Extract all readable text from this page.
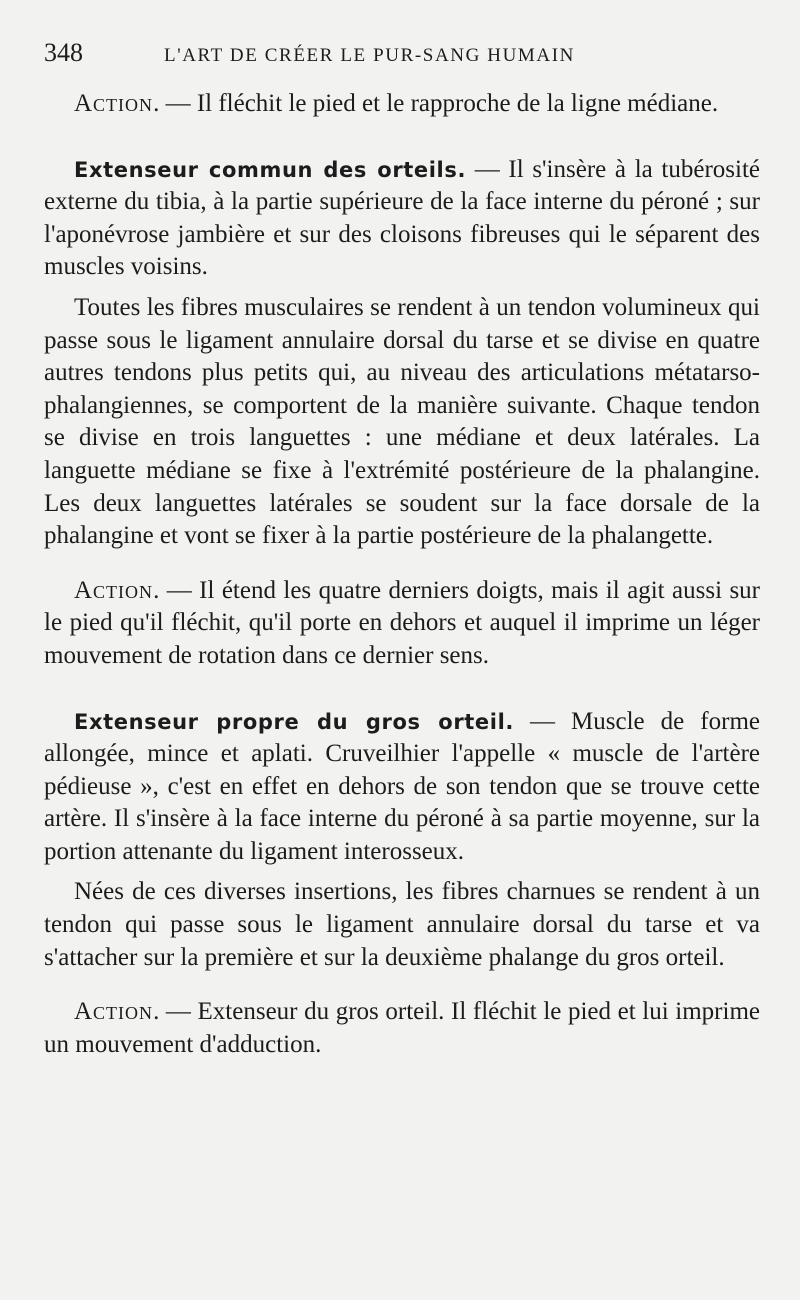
348	L'ART DE CRÉER LE PUR-SANG HUMAIN

Action. — Il fléchit le pied et le rapproche de la ligne médiane.

Extenseur commun des orteils. — Il s'insère à la tubérosité externe du tibia, à la partie supérieure de la face interne du péroné ; sur l'aponévrose jambière et sur des cloisons fibreuses qui le séparent des muscles voisins.

Toutes les fibres musculaires se rendent à un tendon volumineux qui passe sous le ligament annulaire dorsal du tarse et se divise en quatre autres tendons plus petits qui, au niveau des articulations métatarso-phalangiennes, se comportent de la manière suivante. Chaque tendon se divise en trois languettes : une médiane et deux latérales. La languette médiane se fixe à l'extrémité postérieure de la phalangine. Les deux languettes latérales se soudent sur la face dorsale de la phalangine et vont se fixer à la partie postérieure de la phalangette.

Action. — Il étend les quatre derniers doigts, mais il agit aussi sur le pied qu'il fléchit, qu'il porte en dehors et auquel il imprime un léger mouvement de rotation dans ce dernier sens.

Extenseur propre du gros orteil. — Muscle de forme allongée, mince et aplati. Cruveilhier l'appelle « muscle de l'artère pédieuse », c'est en effet en dehors de son tendon que se trouve cette artère. Il s'insère à la face interne du péroné à sa partie moyenne, sur la portion attenante du ligament interosseux.

Nées de ces diverses insertions, les fibres charnues se rendent à un tendon qui passe sous le ligament annulaire dorsal du tarse et va s'attacher sur la première et sur la deuxième phalange du gros orteil.

Action. — Extenseur du gros orteil. Il fléchit le pied et lui imprime un mouvement d'adduction.
